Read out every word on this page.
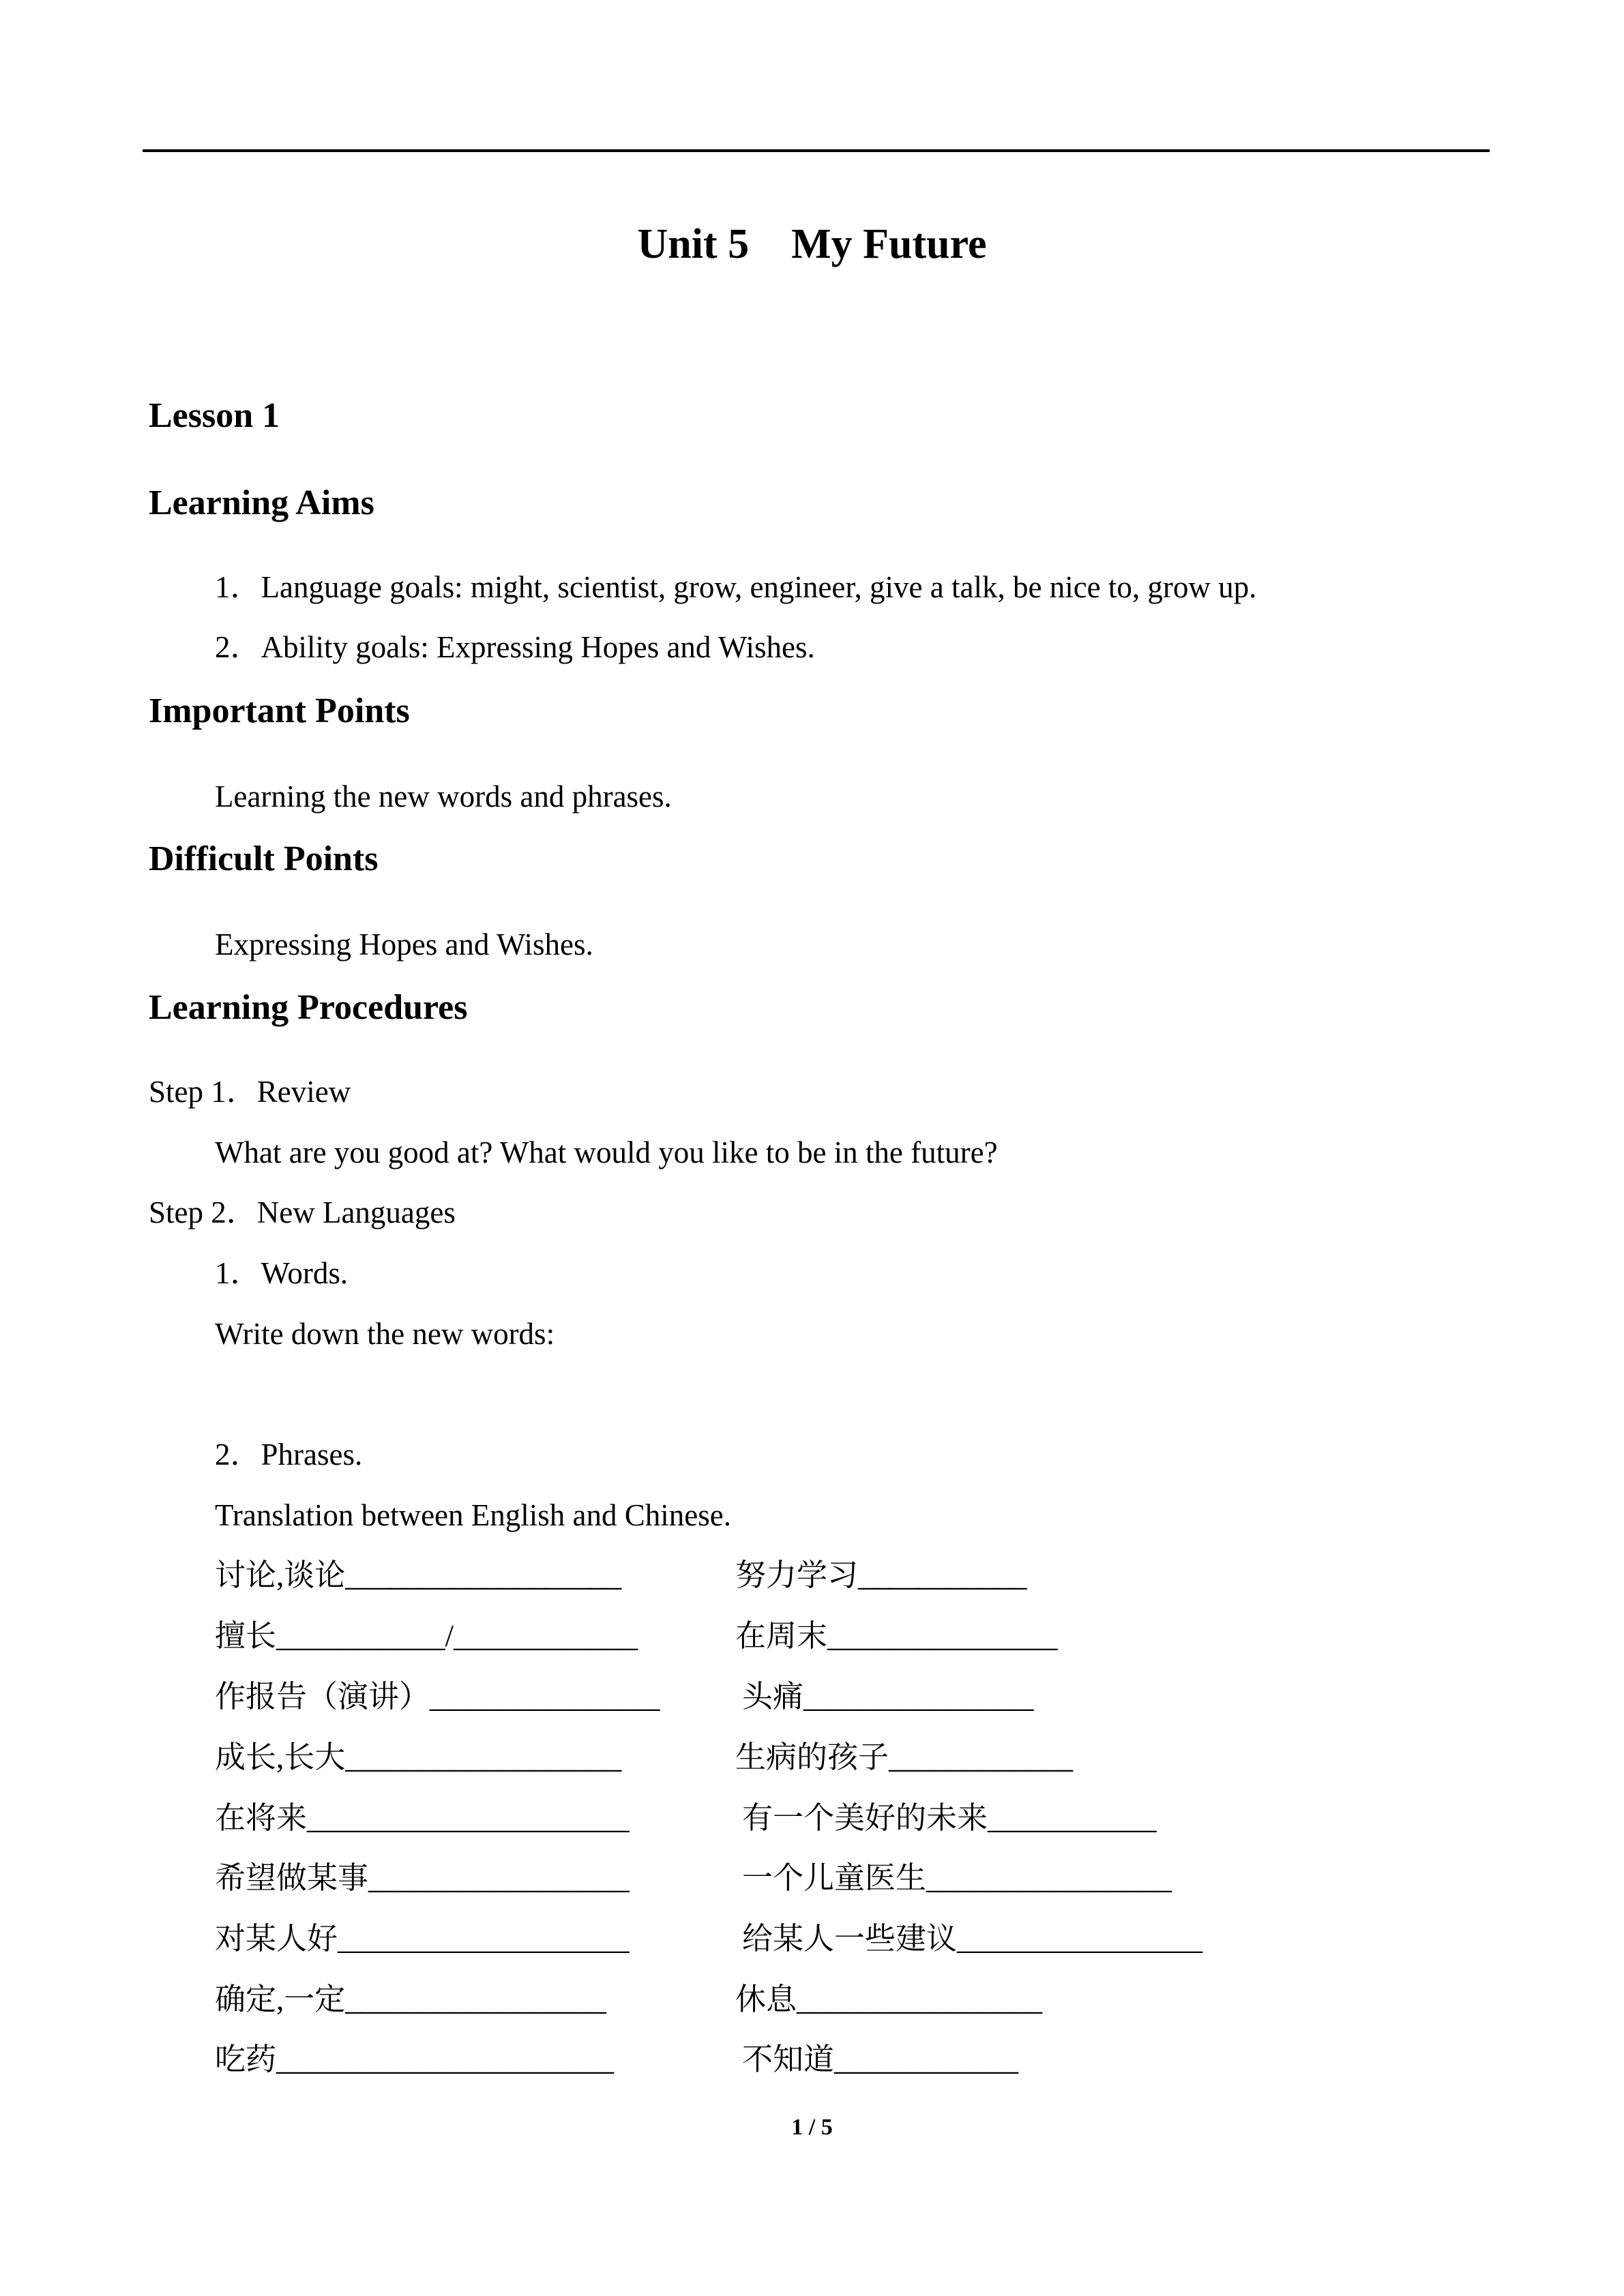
Unit 5    My Future
Lesson 1
Learning Aims
1．Language goals: might, scientist, grow, engineer, give a talk, be nice to, grow up.
2．Ability goals: Expressing Hopes and Wishes.
Important Points
Learning the new words and phrases.
Difficult Points
Expressing Hopes and Wishes.
Learning Procedures
Step 1．Review
What are you good at? What would you like to be in the future?
Step 2．New Languages
1．Words.
Write down the new words:
2．Phrases.
Translation between English and Chinese.
讨论,谈论__________________	努力学习___________
擅长___________/____________	在周末_______________
作报告（演讲）_______________	头痛_______________
成长,长大__________________	生病的孩子____________
在将来_____________________	有一个美好的未来___________
希望做某事_________________	一个儿童医生________________
对某人好___________________	给某人一些建议________________
确定,一定_________________	休息________________
吃药______________________	不知道____________
1 / 5
